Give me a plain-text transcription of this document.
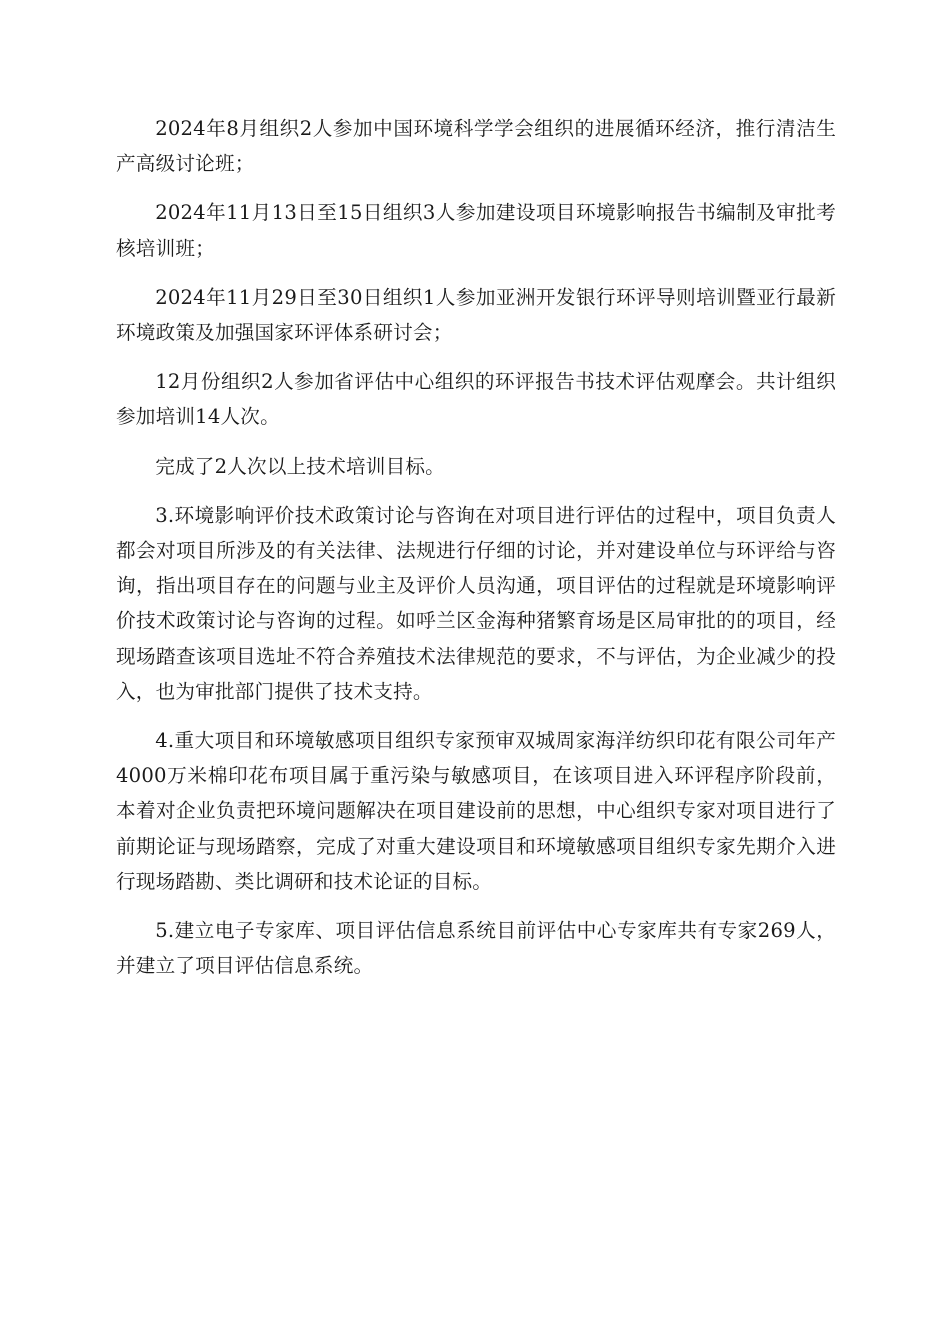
2024年8月组织2人参加中国环境科学学会组织的进展循环经济，推行清洁生产高级讨论班；

2024年11月13日至15日组织3人参加建设项目环境影响报告书编制及审批考核培训班；

2024年11月29日至30日组织1人参加亚洲开发银行环评导则培训暨亚行最新环境政策及加强国家环评体系研讨会；

12月份组织2人参加省评估中心组织的环评报告书技术评估观摩会。共计组织参加培训14人次。

完成了2人次以上技术培训目标。

3.环境影响评价技术政策讨论与咨询在对项目进行评估的过程中，项目负责人都会对项目所涉及的有关法律、法规进行仔细的讨论，并对建设单位与环评给与咨询，指出项目存在的问题与业主及评价人员沟通，项目评估的过程就是环境影响评价技术政策讨论与咨询的过程。如呼兰区金海种猪繁育场是区局审批的的项目，经现场踏查该项目选址不符合养殖技术法律规范的要求，不与评估，为企业减少的投入，也为审批部门提供了技术支持。

4.重大项目和环境敏感项目组织专家预审双城周家海洋纺织印花有限公司年产4000万米棉印花布项目属于重污染与敏感项目，在该项目进入环评程序阶段前，本着对企业负责把环境问题解决在项目建设前的思想，中心组织专家对项目进行了前期论证与现场踏察，完成了对重大建设项目和环境敏感项目组织专家先期介入进行现场踏勘、类比调研和技术论证的目标。

5.建立电子专家库、项目评估信息系统目前评估中心专家库共有专家269人，并建立了项目评估信息系统。
